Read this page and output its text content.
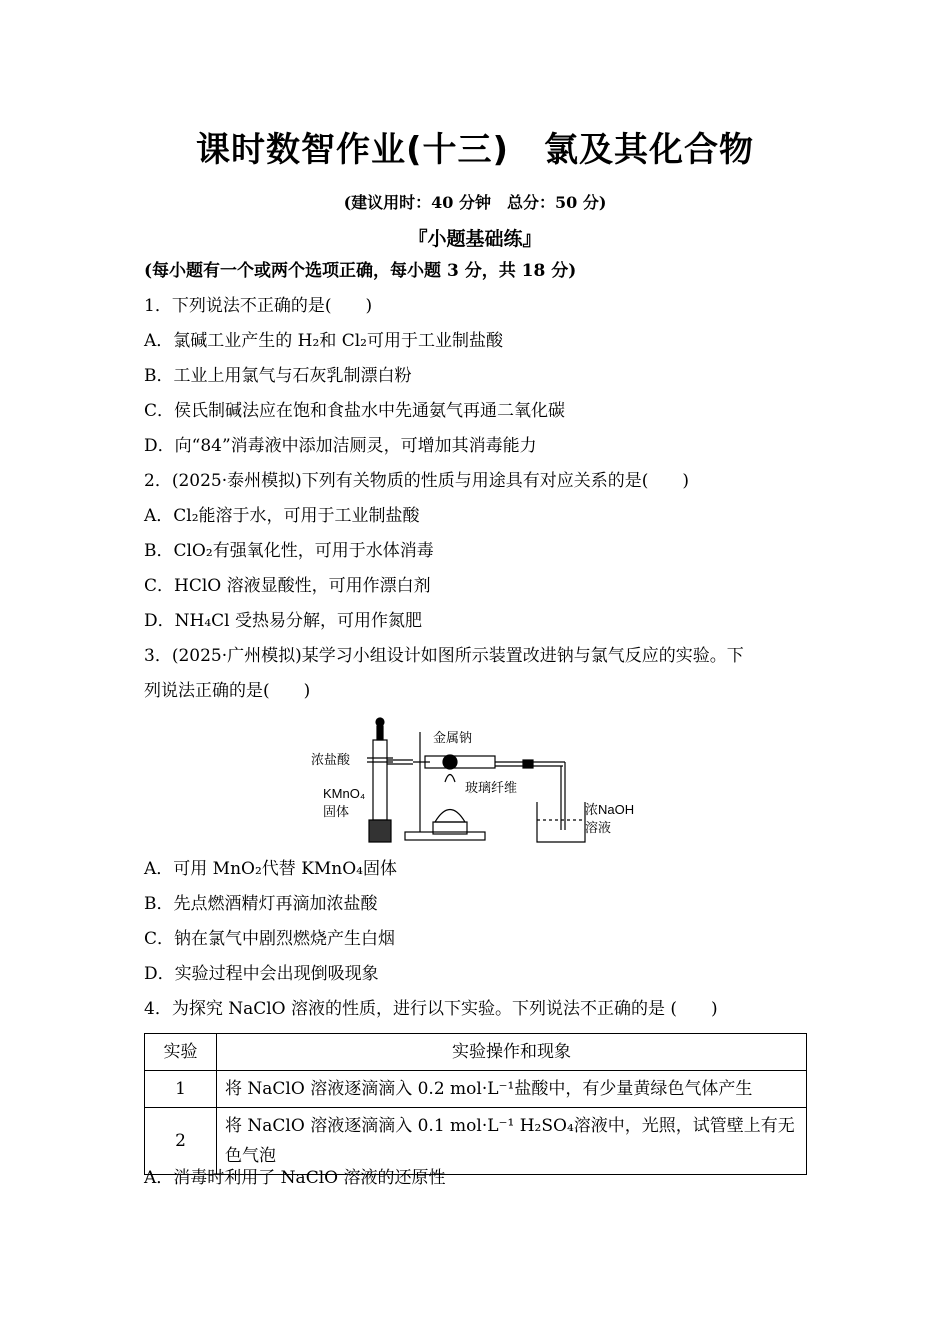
课时数智作业(十三)　氯及其化合物
(建议用时：40 分钟　总分：50 分)
『小题基础练』
(每小题有一个或两个选项正确，每小题 3 分，共 18 分)
1．下列说法不正确的是(　　)
A．氯碱工业产生的 H₂和 Cl₂可用于工业制盐酸
B．工业上用氯气与石灰乳制漂白粉
C．侯氏制碱法应在饱和食盐水中先通氨气再通二氧化碳
D．向“84”消毒液中添加洁厕灵，可增加其消毒能力
2．(2025·泰州模拟)下列有关物质的性质与用途具有对应关系的是(　　)
A．Cl₂能溶于水，可用于工业制盐酸
B．ClO₂有强氧化性，可用于水体消毒
C．HClO 溶液显酸性，可用作漂白剂
D．NH₄Cl 受热易分解，可用作氮肥
3．(2025·广州模拟)某学习小组设计如图所示装置改进钠与氯气反应的实验。下
列说法正确的是(　　)
浓盐酸
KMnO₄
固体
金属钠
玻璃纤维
浓NaOH
溶液
A．可用 MnO₂代替 KMnO₄固体
B．先点燃酒精灯再滴加浓盐酸
C．钠在氯气中剧烈燃烧产生白烟
D．实验过程中会出现倒吸现象
4．为探究 NaClO 溶液的性质，进行以下实验。下列说法不正确的是 (　　)
实验	实验操作和现象
1	将 NaClO 溶液逐滴滴入 0.2 mol·L⁻¹盐酸中，有少量黄绿色气体产生
2	将 NaClO 溶液逐滴滴入 0.1 mol·L⁻¹ H₂SO₄溶液中，光照，试管壁上有无色气泡
A．消毒时利用了 NaClO 溶液的还原性
